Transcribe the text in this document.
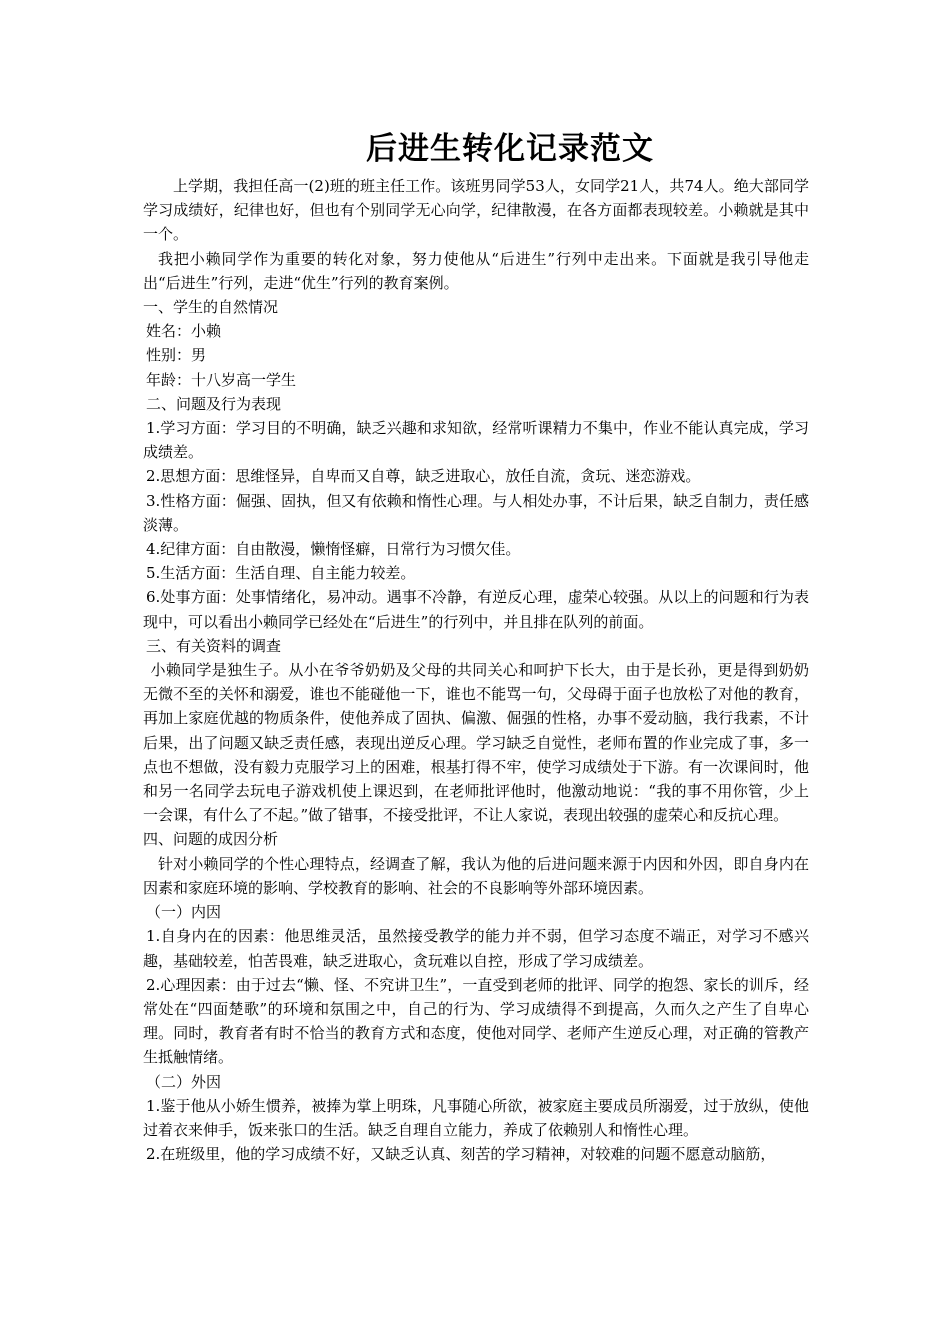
后进生转化记录范文

上学期，我担任高一(2)班的班主任工作。该班男同学53人，女同学21人，共74人。绝大部同学学习成绩好，纪律也好，但也有个别同学无心向学，纪律散漫，在各方面都表现较差。小赖就是其中一个。

我把小赖同学作为重要的转化对象，努力使他从“后进生”行列中走出来。下面就是我引导他走出“后进生”行列，走进“优生”行列的教育案例。

一、学生的自然情况

姓名：小赖

性别：男

年龄：十八岁高一学生

二、问题及行为表现

1.学习方面：学习目的不明确，缺乏兴趣和求知欲，经常听课精力不集中，作业不能认真完成，学习成绩差。

2.思想方面：思维怪异，自卑而又自尊，缺乏进取心，放任自流，贪玩、迷恋游戏。

3.性格方面：倔强、固执，但又有依赖和惰性心理。与人相处办事，不计后果，缺乏自制力，责任感淡薄。

4.纪律方面：自由散漫，懒惰怪癖，日常行为习惯欠佳。

5.生活方面：生活自理、自主能力较差。

6.处事方面：处事情绪化，易冲动。遇事不冷静，有逆反心理，虚荣心较强。从以上的问题和行为表现中，可以看出小赖同学已经处在“后进生”的行列中，并且排在队列的前面。

三、有关资料的调查

小赖同学是独生子。从小在爷爷奶奶及父母的共同关心和呵护下长大，由于是长孙，更是得到奶奶无微不至的关怀和溺爱，谁也不能碰他一下，谁也不能骂一句，父母碍于面子也放松了对他的教育，再加上家庭优越的物质条件，使他养成了固执、偏激、倔强的性格，办事不爱动脑，我行我素，不计后果，出了问题又缺乏责任感，表现出逆反心理。学习缺乏自觉性，老师布置的作业完成了事，多一点也不想做，没有毅力克服学习上的困难，根基打得不牢，使学习成绩处于下游。有一次课间时，他和另一名同学去玩电子游戏机使上课迟到，在老师批评他时，他激动地说：“我的事不用你管，少上一会课，有什么了不起。”做了错事，不接受批评，不让人家说，表现出较强的虚荣心和反抗心理。

四、问题的成因分析

针对小赖同学的个性心理特点，经调查了解，我认为他的后进问题来源于内因和外因，即自身内在因素和家庭环境的影响、学校教育的影响、社会的不良影响等外部环境因素。

（一）内因

1.自身内在的因素：他思维灵活，虽然接受教学的能力并不弱，但学习态度不端正，对学习不感兴趣，基础较差，怕苦畏难，缺乏进取心，贪玩难以自控，形成了学习成绩差。

2.心理因素：由于过去“懒、怪、不究讲卫生”，一直受到老师的批评、同学的抱怨、家长的训斥，经常处在“四面楚歌”的环境和氛围之中，自己的行为、学习成绩得不到提高，久而久之产生了自卑心理。同时，教育者有时不恰当的教育方式和态度，使他对同学、老师产生逆反心理，对正确的管教产生抵触情绪。

（二）外因

1.鉴于他从小娇生惯养，被捧为掌上明珠，凡事随心所欲，被家庭主要成员所溺爱，过于放纵，使他过着衣来伸手，饭来张口的生活。缺乏自理自立能力，养成了依赖别人和惰性心理。

2.在班级里，他的学习成绩不好，又缺乏认真、刻苦的学习精神，对较难的问题不愿意动脑筋，
